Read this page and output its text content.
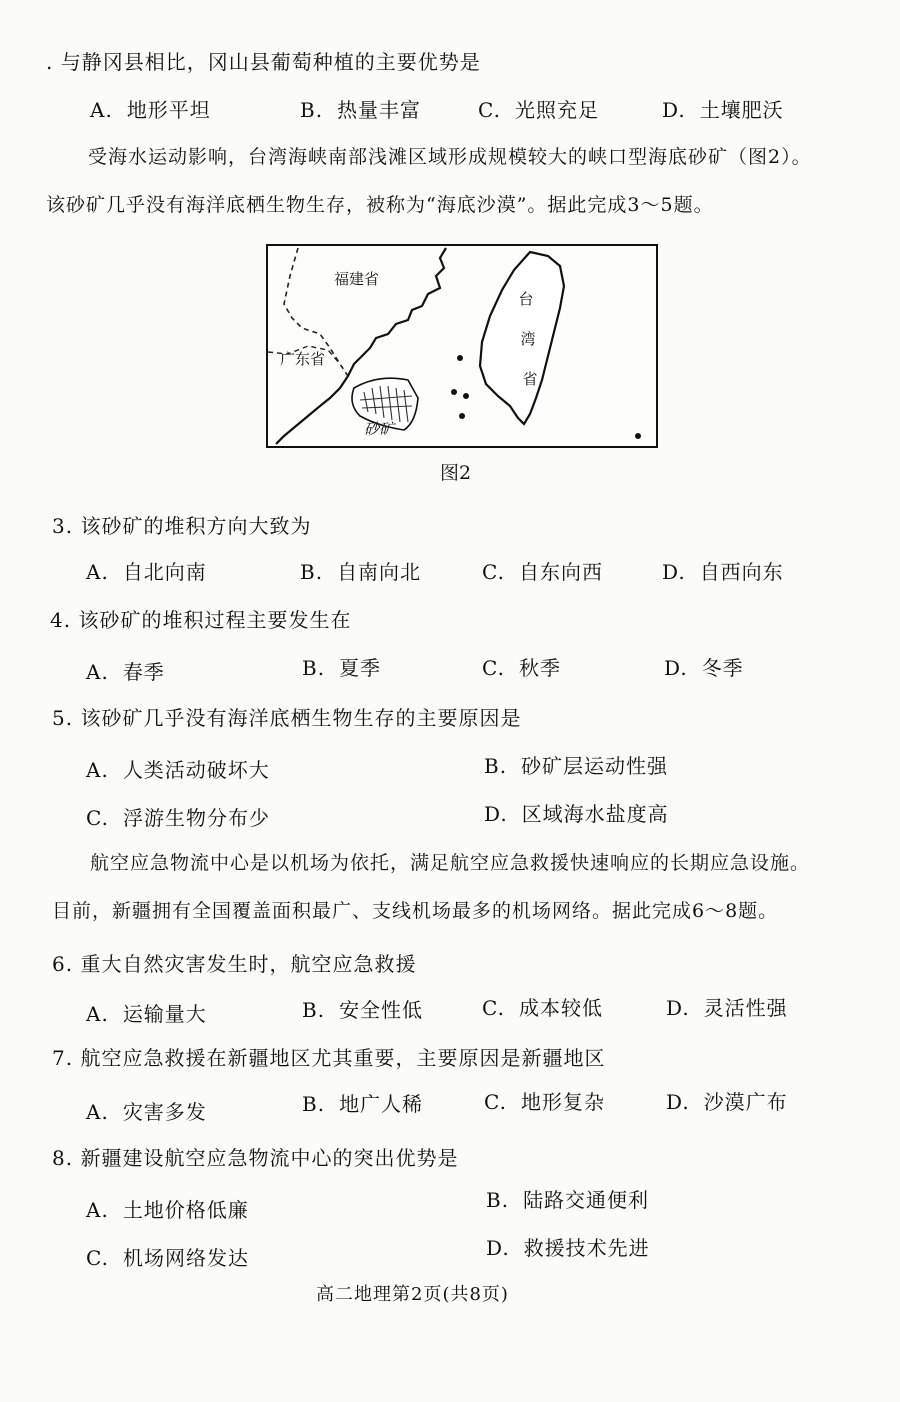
. 与静冈县相比，冈山县葡萄种植的主要优势是
A. 地形平坦	B. 热量丰富	C. 光照充足	D. 土壤肥沃
受海水运动影响，台湾海峡南部浅滩区域形成规模较大的峡口型海底砂矿（图2）。
该砂矿几乎没有海洋底栖生物生存，被称为“海底沙漠”。据此完成3～5题。
福建省
广东省
砂矿
台
湾
省
图2
3. 该砂矿的堆积方向大致为
A. 自北向南	B. 自南向北	C. 自东向西	D. 自西向东
4. 该砂矿的堆积过程主要发生在
A. 春季	B. 夏季	C. 秋季	D. 冬季
5. 该砂矿几乎没有海洋底栖生物生存的主要原因是
A. 人类活动破坏大	B. 砂矿层运动性强
C. 浮游生物分布少	D. 区域海水盐度高
航空应急物流中心是以机场为依托，满足航空应急救援快速响应的长期应急设施。
目前，新疆拥有全国覆盖面积最广、支线机场最多的机场网络。据此完成6～8题。
6. 重大自然灾害发生时，航空应急救援
A. 运输量大	B. 安全性低	C. 成本较低	D. 灵活性强
7. 航空应急救援在新疆地区尤其重要，主要原因是新疆地区
A. 灾害多发	B. 地广人稀	C. 地形复杂	D. 沙漠广布
8. 新疆建设航空应急物流中心的突出优势是
A. 土地价格低廉	B. 陆路交通便利
C. 机场网络发达	D. 救援技术先进
高二地理第2页(共8页)
